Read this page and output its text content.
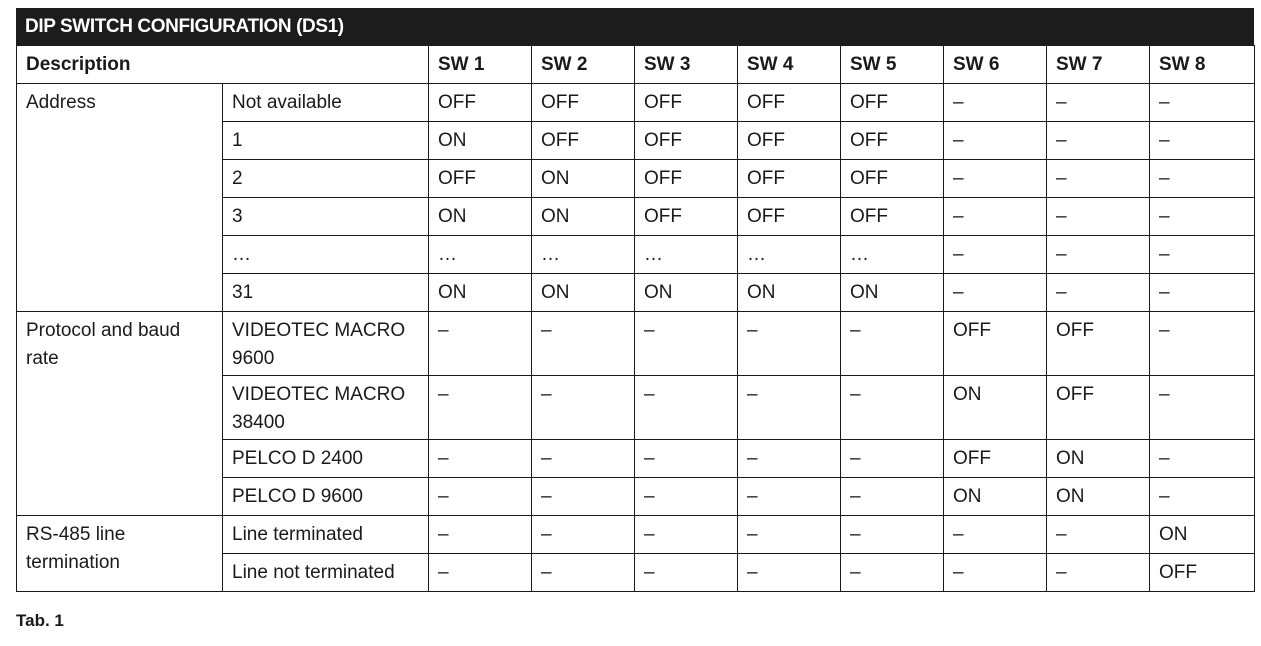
DIP SWITCH CONFIGURATION (DS1)
Description		SW 1	SW 2	SW 3	SW 4	SW 5	SW 6	SW 7	SW 8
Address	Not available	OFF	OFF	OFF	OFF	OFF	–	–	–
	1	ON	OFF	OFF	OFF	OFF	–	–	–
	2	OFF	ON	OFF	OFF	OFF	–	–	–
	3	ON	ON	OFF	OFF	OFF	–	–	–
	…	…	…	…	…	…	–	–	–
	31	ON	ON	ON	ON	ON	–	–	–
Protocol and baud rate	VIDEOTEC MACRO 9600	–	–	–	–	–	OFF	OFF	–
	VIDEOTEC MACRO 38400	–	–	–	–	–	ON	OFF	–
	PELCO D 2400	–	–	–	–	–	OFF	ON	–
	PELCO D 9600	–	–	–	–	–	ON	ON	–
RS-485 line termination	Line terminated	–	–	–	–	–	–	–	ON
	Line not terminated	–	–	–	–	–	–	–	OFF
Tab. 1
